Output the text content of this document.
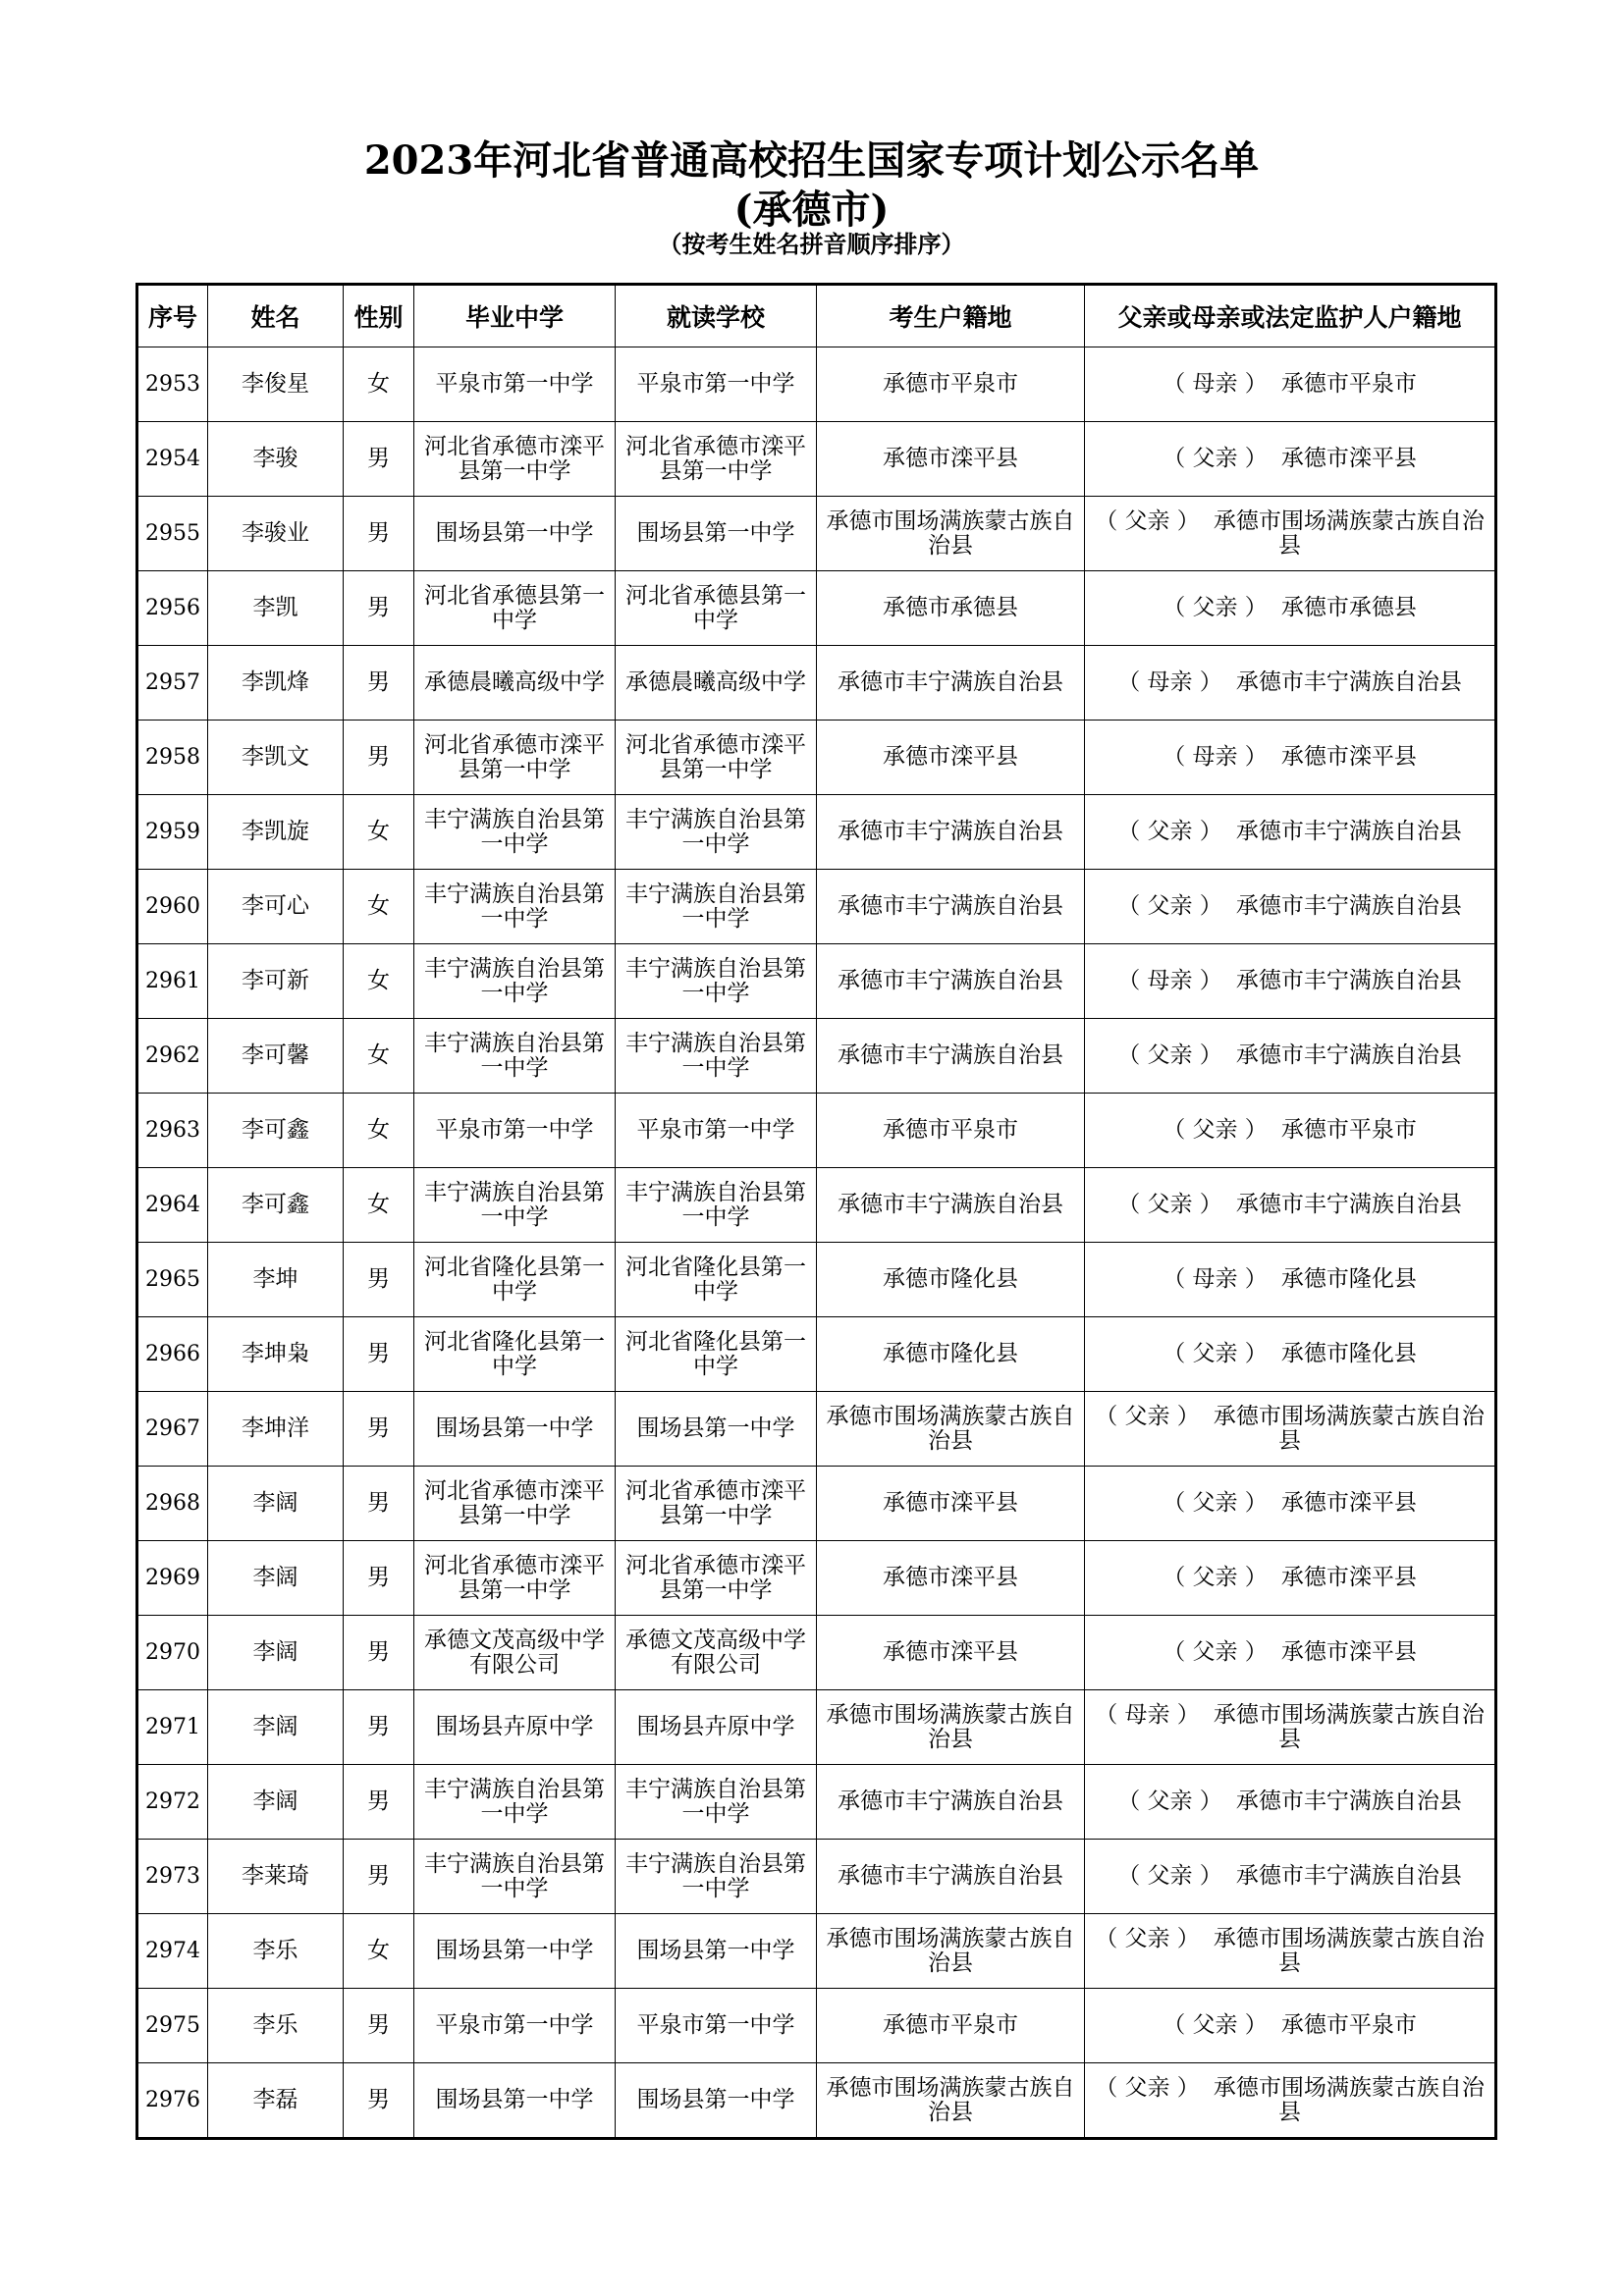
2023年河北省普通高校招生国家专项计划公示名单
(承德市)
（按考生姓名拼音顺序排序）
序号	姓名	性别	毕业中学	就读学校	考生户籍地	父亲或母亲或法定监护人户籍地
2953	李俊星	女	平泉市第一中学	平泉市第一中学	承德市平泉市	（ 母亲 ） 承德市平泉市
2954	李骏	男	河北省承德市滦平县第一中学	河北省承德市滦平县第一中学	承德市滦平县	（ 父亲 ） 承德市滦平县
2955	李骏业	男	围场县第一中学	围场县第一中学	承德市围场满族蒙古族自治县	（ 父亲 ） 承德市围场满族蒙古族自治县
2956	李凯	男	河北省承德县第一中学	河北省承德县第一中学	承德市承德县	（ 父亲 ） 承德市承德县
2957	李凯烽	男	承德晨曦高级中学	承德晨曦高级中学	承德市丰宁满族自治县	（ 母亲 ） 承德市丰宁满族自治县
2958	李凯文	男	河北省承德市滦平县第一中学	河北省承德市滦平县第一中学	承德市滦平县	（ 母亲 ） 承德市滦平县
2959	李凯旋	女	丰宁满族自治县第一中学	丰宁满族自治县第一中学	承德市丰宁满族自治县	（ 父亲 ） 承德市丰宁满族自治县
2960	李可心	女	丰宁满族自治县第一中学	丰宁满族自治县第一中学	承德市丰宁满族自治县	（ 父亲 ） 承德市丰宁满族自治县
2961	李可新	女	丰宁满族自治县第一中学	丰宁满族自治县第一中学	承德市丰宁满族自治县	（ 母亲 ） 承德市丰宁满族自治县
2962	李可馨	女	丰宁满族自治县第一中学	丰宁满族自治县第一中学	承德市丰宁满族自治县	（ 父亲 ） 承德市丰宁满族自治县
2963	李可鑫	女	平泉市第一中学	平泉市第一中学	承德市平泉市	（ 父亲 ） 承德市平泉市
2964	李可鑫	女	丰宁满族自治县第一中学	丰宁满族自治县第一中学	承德市丰宁满族自治县	（ 父亲 ） 承德市丰宁满族自治县
2965	李坤	男	河北省隆化县第一中学	河北省隆化县第一中学	承德市隆化县	（ 母亲 ） 承德市隆化县
2966	李坤枭	男	河北省隆化县第一中学	河北省隆化县第一中学	承德市隆化县	（ 父亲 ） 承德市隆化县
2967	李坤洋	男	围场县第一中学	围场县第一中学	承德市围场满族蒙古族自治县	（ 父亲 ） 承德市围场满族蒙古族自治县
2968	李阔	男	河北省承德市滦平县第一中学	河北省承德市滦平县第一中学	承德市滦平县	（ 父亲 ） 承德市滦平县
2969	李阔	男	河北省承德市滦平县第一中学	河北省承德市滦平县第一中学	承德市滦平县	（ 父亲 ） 承德市滦平县
2970	李阔	男	承德文茂高级中学有限公司	承德文茂高级中学有限公司	承德市滦平县	（ 父亲 ） 承德市滦平县
2971	李阔	男	围场县卉原中学	围场县卉原中学	承德市围场满族蒙古族自治县	（ 母亲 ） 承德市围场满族蒙古族自治县
2972	李阔	男	丰宁满族自治县第一中学	丰宁满族自治县第一中学	承德市丰宁满族自治县	（ 父亲 ） 承德市丰宁满族自治县
2973	李莱琦	男	丰宁满族自治县第一中学	丰宁满族自治县第一中学	承德市丰宁满族自治县	（ 父亲 ） 承德市丰宁满族自治县
2974	李乐	女	围场县第一中学	围场县第一中学	承德市围场满族蒙古族自治县	（ 父亲 ） 承德市围场满族蒙古族自治县
2975	李乐	男	平泉市第一中学	平泉市第一中学	承德市平泉市	（ 父亲 ） 承德市平泉市
2976	李磊	男	围场县第一中学	围场县第一中学	承德市围场满族蒙古族自治县	（ 父亲 ） 承德市围场满族蒙古族自治县
